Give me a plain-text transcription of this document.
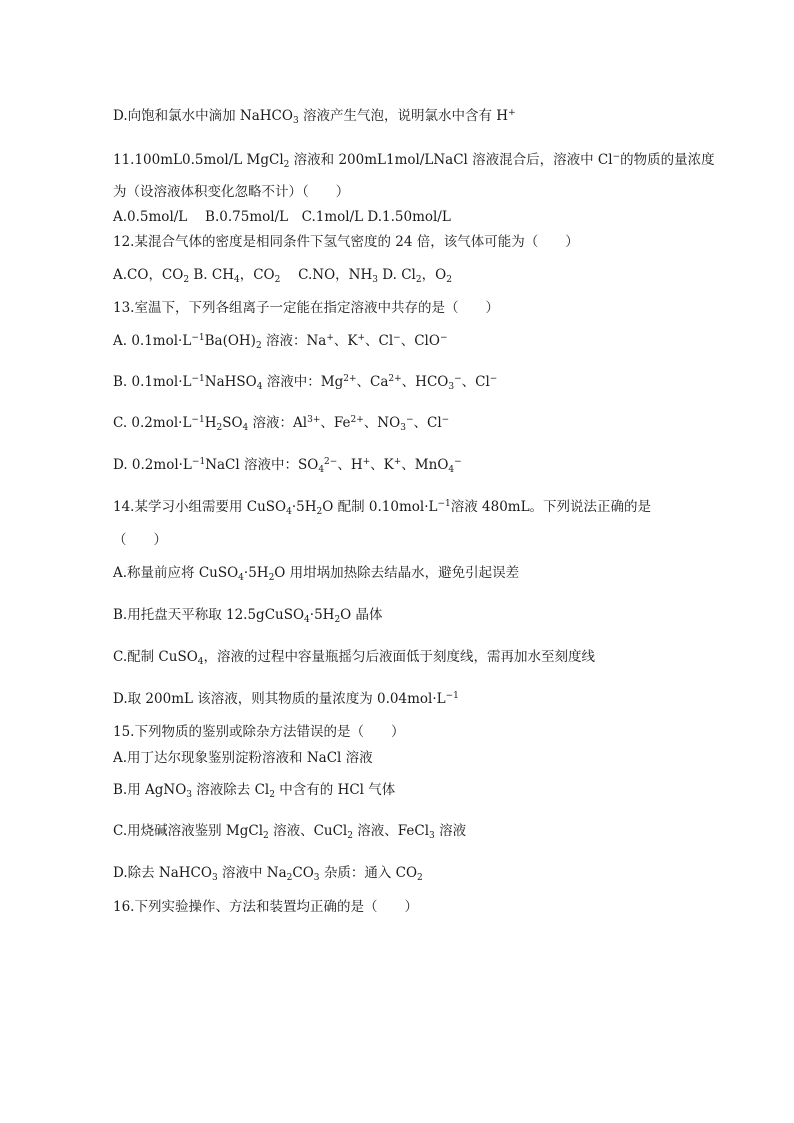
D.向饱和氯水中滴加 NaHCO$_3$ 溶液产生气泡，说明氯水中含有 H+
11.100mL0.5mol/L MgCl$_2$ 溶液和 200mL1mol/LNaCl 溶液混合后，溶液中 Cl−的物质的量浓度
为（设溶液体积变化忽略不计）（　　）
A.0.5mol/L　 B.0.75mol/L　C.1mol/L D.1.50mol/L
12.某混合气体的密度是相同条件下氢气密度的 24 倍，该气体可能为（　　）
A.CO，$CO_2$ B. $CH_4$，$CO_2$　 C.NO，$NH_3$ D. $Cl_2$，$O_2$
13.室温下，下列各组离子一定能在指定溶液中共存的是（　　）
A. $0.1mol\cdot L^{-1}Ba(OH)_2$ 溶液：Na+、K+、Cl−、ClO−
B. $0.1mol\cdot L^{-1}NaHSO_4$ 溶液中：$Mg^{2+}$、$Ca^{2+}$、$HCO_3^-$、Cl−
C. $0.2mol\cdot L^{-1}H_2SO_4$ 溶液：$Al^{3+}$、$Fe^{2+}$、$NO_3^-$、Cl−
D. $0.2mol\cdot L^{-1}NaCl$ 溶液中：$SO_4^{2-}$、H+、K+、MnO$_4$−
14.某学习小组需要用 $CuSO_4\cdot 5H_2O$ 配制 $0.10mol\cdot L^{-1}$溶液 480mL。下列说法正确的是
（　　）
A.称量前应将 $CuSO_4\cdot 5H_2O$ 用坩埚加热除去结晶水，避免引起误差
B.用托盘天平称取 $12.5gCuSO_4\cdot 5H_2O$ 晶体
C.配制 CuSO$_4$，溶液的过程中容量瓶摇匀后液面低于刻度线，需再加水至刻度线
D.取 200mL 该溶液，则其物质的量浓度为 $0.04mol\cdot L^{-1}$
15.下列物质的鉴别或除杂方法错误的是（　　）
A.用丁达尔现象鉴别淀粉溶液和 NaCl 溶液
B.用 AgNO$_3$ 溶液除去 $Cl_2$ 中含有的 HCl 气体
C.用烧碱溶液鉴别 MgCl$_2$ 溶液、CuCl$_2$ 溶液、FeCl$_3$ 溶液
D.除去 NaHCO$_3$ 溶液中 $Na_2CO_3$ 杂质：通入 $CO_2$
16.下列实验操作、方法和装置均正确的是（　　）
